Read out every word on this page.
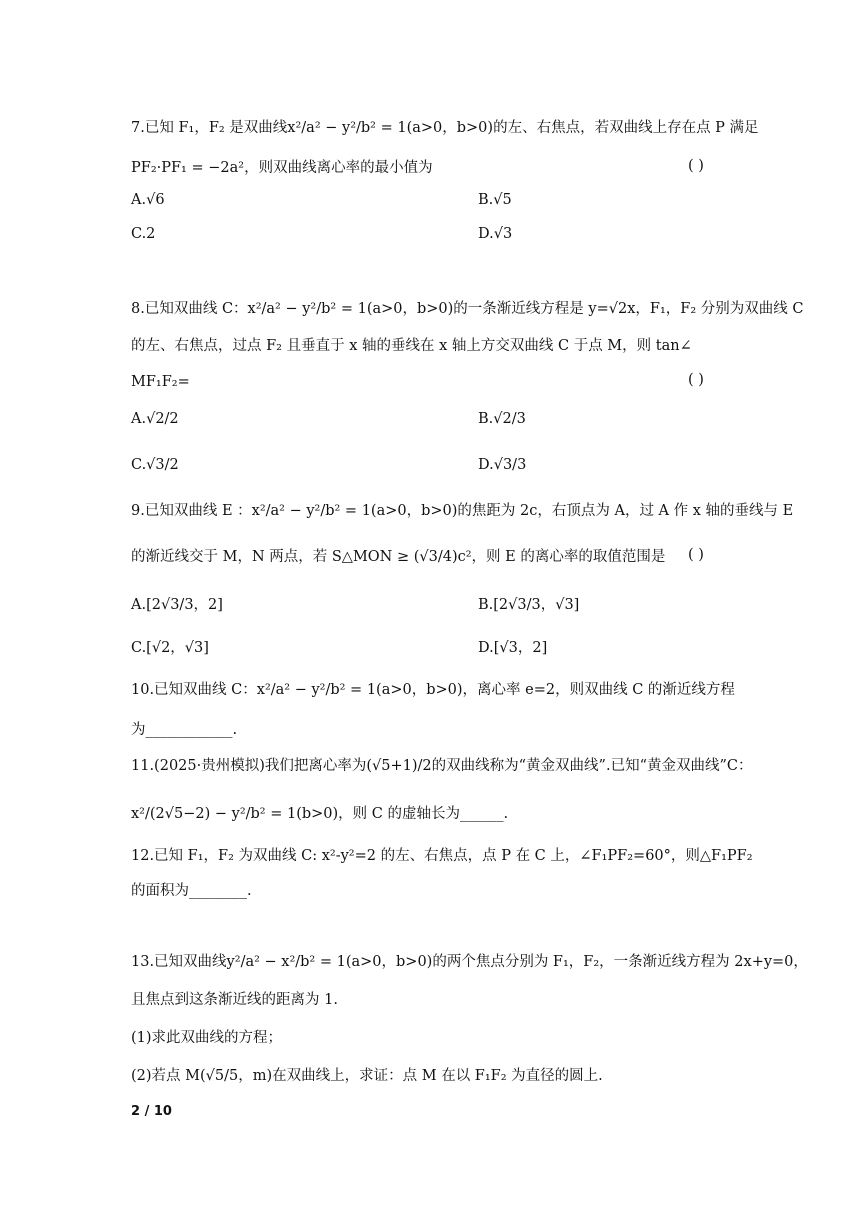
7.已知 F₁，F₂ 是双曲线x²/a² − y²/b² = 1(a>0，b>0)的左、右焦点，若双曲线上存在点 P 满足
PF₂·PF₁ = −2a²，则双曲线离心率的最小值为	( )
A.√6	B.√5
C.2	D.√3
8.已知双曲线 C：x²/a² − y²/b² = 1(a>0，b>0)的一条渐近线方程是 y=√2x，F₁，F₂ 分别为双曲线 C
的左、右焦点，过点 F₂ 且垂直于 x 轴的垂线在 x 轴上方交双曲线 C 于点 M，则 tan∠
MF₁F₂=	( )
A.√2/2	B.√2/3
C.√3/2	D.√3/3
9.已知双曲线 E ：x²/a² − y²/b² = 1(a>0，b>0)的焦距为 2c，右顶点为 A，过 A 作 x 轴的垂线与 E
的渐近线交于 M，N 两点，若 S△MON ≥ (√3/4)c²，则 E 的离心率的取值范围是 ( )
A.[2√3/3，2]	B.[2√3/3，√3]
C.[√2，√3]	D.[√3，2]
10.已知双曲线 C：x²/a² − y²/b² = 1(a>0，b>0)，离心率 e=2，则双曲线 C 的渐近线方程
为____________.
11.(2025·贵州模拟)我们把离心率为(√5+1)/2的双曲线称为“黄金双曲线”.已知“黄金双曲线”C：
x²/(2√5−2) − y²/b² = 1(b>0)，则 C 的虚轴长为______.
12.已知 F₁，F₂ 为双曲线 C: x²-y²=2 的左、右焦点，点 P 在 C 上，∠F₁PF₂=60°，则△F₁PF₂
的面积为________.
13.已知双曲线y²/a² − x²/b² = 1(a>0，b>0)的两个焦点分别为 F₁，F₂，一条渐近线方程为 2x+y=0，
且焦点到这条渐近线的距离为 1.
(1)求此双曲线的方程；
(2)若点 M(√5/5，m)在双曲线上，求证：点 M 在以 F₁F₂ 为直径的圆上.
2 / 10
